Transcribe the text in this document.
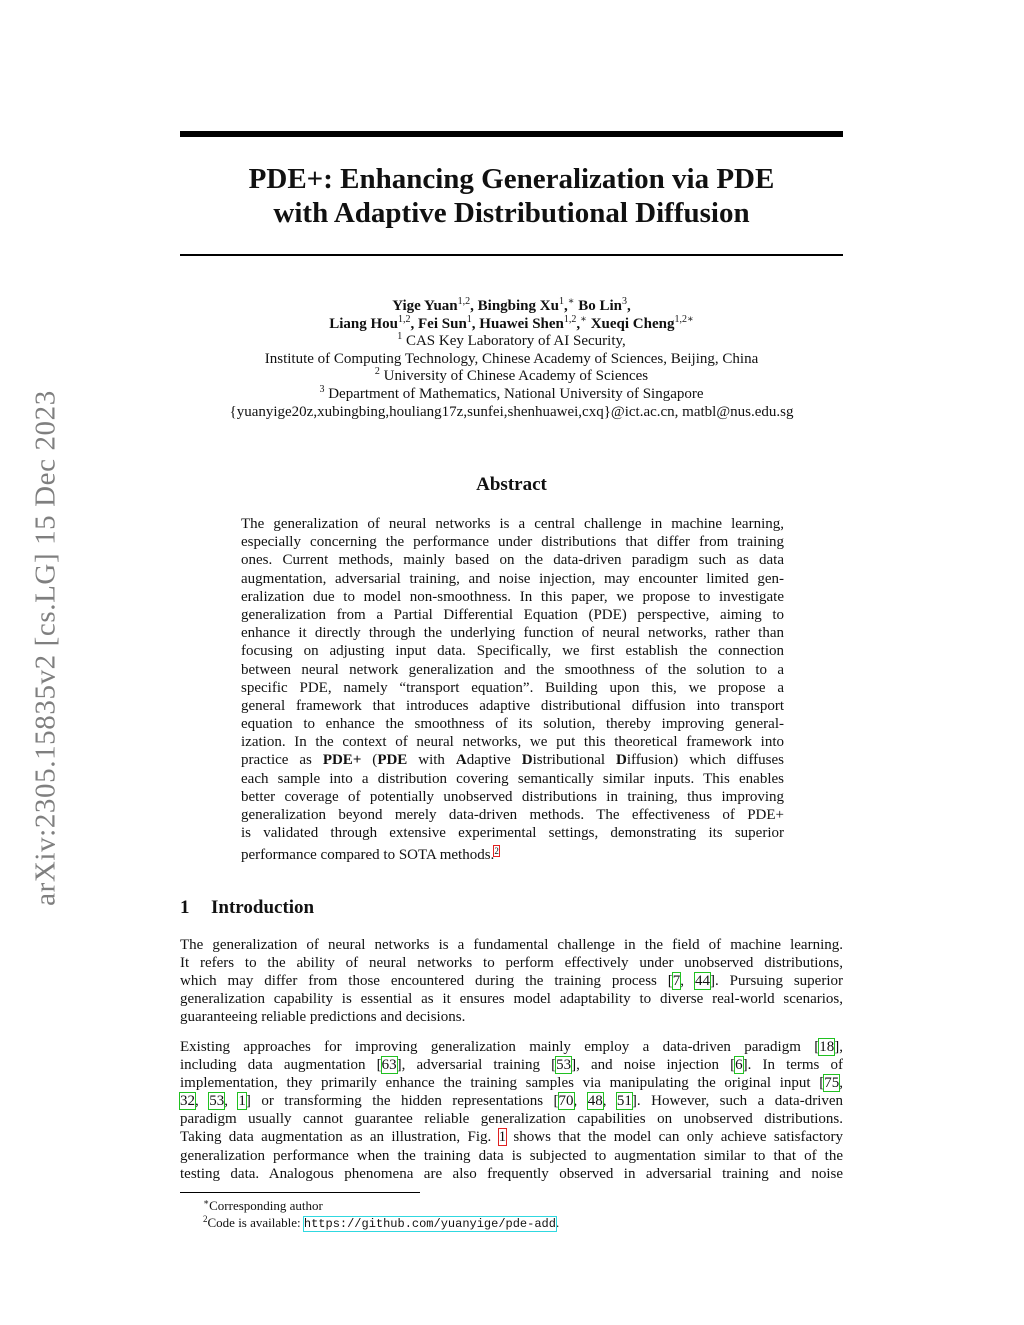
arXiv:2305.15835v2 [cs.LG] 15 Dec 2023
PDE+: Enhancing Generalization via PDE
with Adaptive Distributional Diffusion
Yige Yuan$^{1,2}$, Bingbing Xu$^1$,∗ Bo Lin$^3$,
Liang Hou$^{1,2}$, Fei Sun$^1$, Huawei Shen$^{1,2}$,∗ Xueqi Cheng$^{1,2∗}$
$^1$ CAS Key Laboratory of AI Security,
Institute of Computing Technology, Chinese Academy of Sciences, Beijing, China
$^2$ University of Chinese Academy of Sciences
$^3$ Department of Mathematics, National University of Singapore
{yuanyige20z,xubingbing,houliang17z,sunfei,shenhuawei,cxq}@ict.ac.cn, matbl@nus.edu.sg
Abstract
The generalization of neural networks is a central challenge in machine learning,
especially concerning the performance under distributions that differ from training
ones. Current methods, mainly based on the data-driven paradigm such as data
augmentation, adversarial training, and noise injection, may encounter limited gen-
eralization due to model non-smoothness. In this paper, we propose to investigate
generalization from a Partial Differential Equation (PDE) perspective, aiming to
enhance it directly through the underlying function of neural networks, rather than
focusing on adjusting input data. Specifically, we first establish the connection
between neural network generalization and the smoothness of the solution to a
specific PDE, namely “transport equation”. Building upon this, we propose a
general framework that introduces adaptive distributional diffusion into transport
equation to enhance the smoothness of its solution, thereby improving general-
ization. In the context of neural networks, we put this theoretical framework into
practice as PDE+ (PDE with Adaptive Distributional Diffusion) which diffuses
each sample into a distribution covering semantically similar inputs. This enables
better coverage of potentially unobserved distributions in training, thus improving
generalization beyond merely data-driven methods. The effectiveness of PDE+
is validated through extensive experimental settings, demonstrating its superior
performance compared to SOTA methods.$^2$
1 Introduction
The generalization of neural networks is a fundamental challenge in the field of machine learning.
It refers to the ability of neural networks to perform effectively under unobserved distributions,
which may differ from those encountered during the training process [7, 44]. Pursuing superior
generalization capability is essential as it ensures model adaptability to diverse real-world scenarios,
guaranteeing reliable predictions and decisions.
Existing approaches for improving generalization mainly employ a data-driven paradigm [18],
including data augmentation [63], adversarial training [53], and noise injection [6]. In terms of
implementation, they primarily enhance the training samples via manipulating the original input [75,
32, 53, 1] or transforming the hidden representations [70, 48, 51]. However, such a data-driven
paradigm usually cannot guarantee reliable generalization capabilities on unobserved distributions.
Taking data augmentation as an illustration, Fig. 1 shows that the model can only achieve satisfactory
generalization performance when the training data is subjected to augmentation similar to that of the
testing data. Analogous phenomena are also frequently observed in adversarial training and noise
∗Corresponding author
$^2$Code is available: https://github.com/yuanyige/pde-add.
